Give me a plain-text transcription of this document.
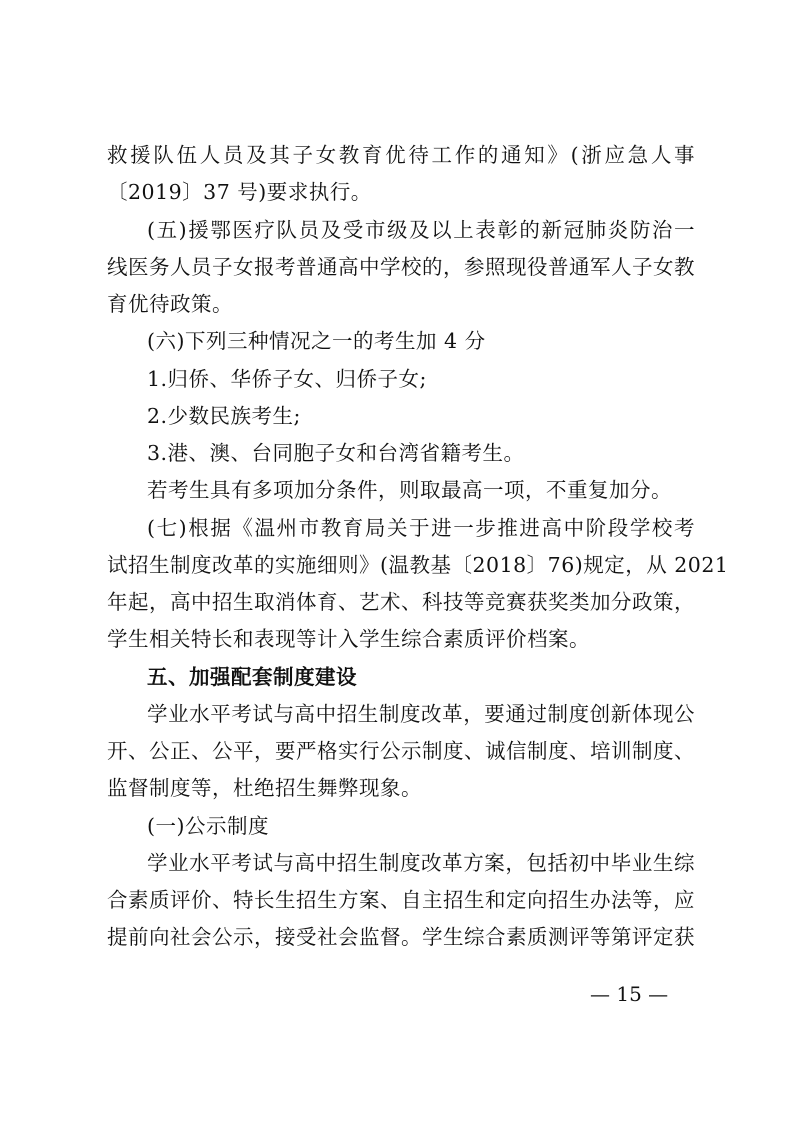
救援队伍人员及其子女教育优待工作的通知》(浙应急人事
〔2019〕37 号)要求执行。
(五)援鄂医疗队员及受市级及以上表彰的新冠肺炎防治一
线医务人员子女报考普通高中学校的，参照现役普通军人子女教
育优待政策。
(六)下列三种情况之一的考生加 4 分
1.归侨、华侨子女、归侨子女;
2.少数民族考生;
3.港、澳、台同胞子女和台湾省籍考生。
若考生具有多项加分条件，则取最高一项，不重复加分。
(七)根据《温州市教育局关于进一步推进高中阶段学校考
试招生制度改革的实施细则》(温教基〔2018〕76)规定，从 2021
年起，高中招生取消体育、艺术、科技等竞赛获奖类加分政策，
学生相关特长和表现等计入学生综合素质评价档案。
五、加强配套制度建设
学业水平考试与高中招生制度改革，要通过制度创新体现公
开、公正、公平，要严格实行公示制度、诚信制度、培训制度、
监督制度等，杜绝招生舞弊现象。
(一)公示制度
学业水平考试与高中招生制度改革方案，包括初中毕业生综
合素质评价、特长生招生方案、自主招生和定向招生办法等，应
提前向社会公示，接受社会监督。学生综合素质测评等第评定获
— 15 —
